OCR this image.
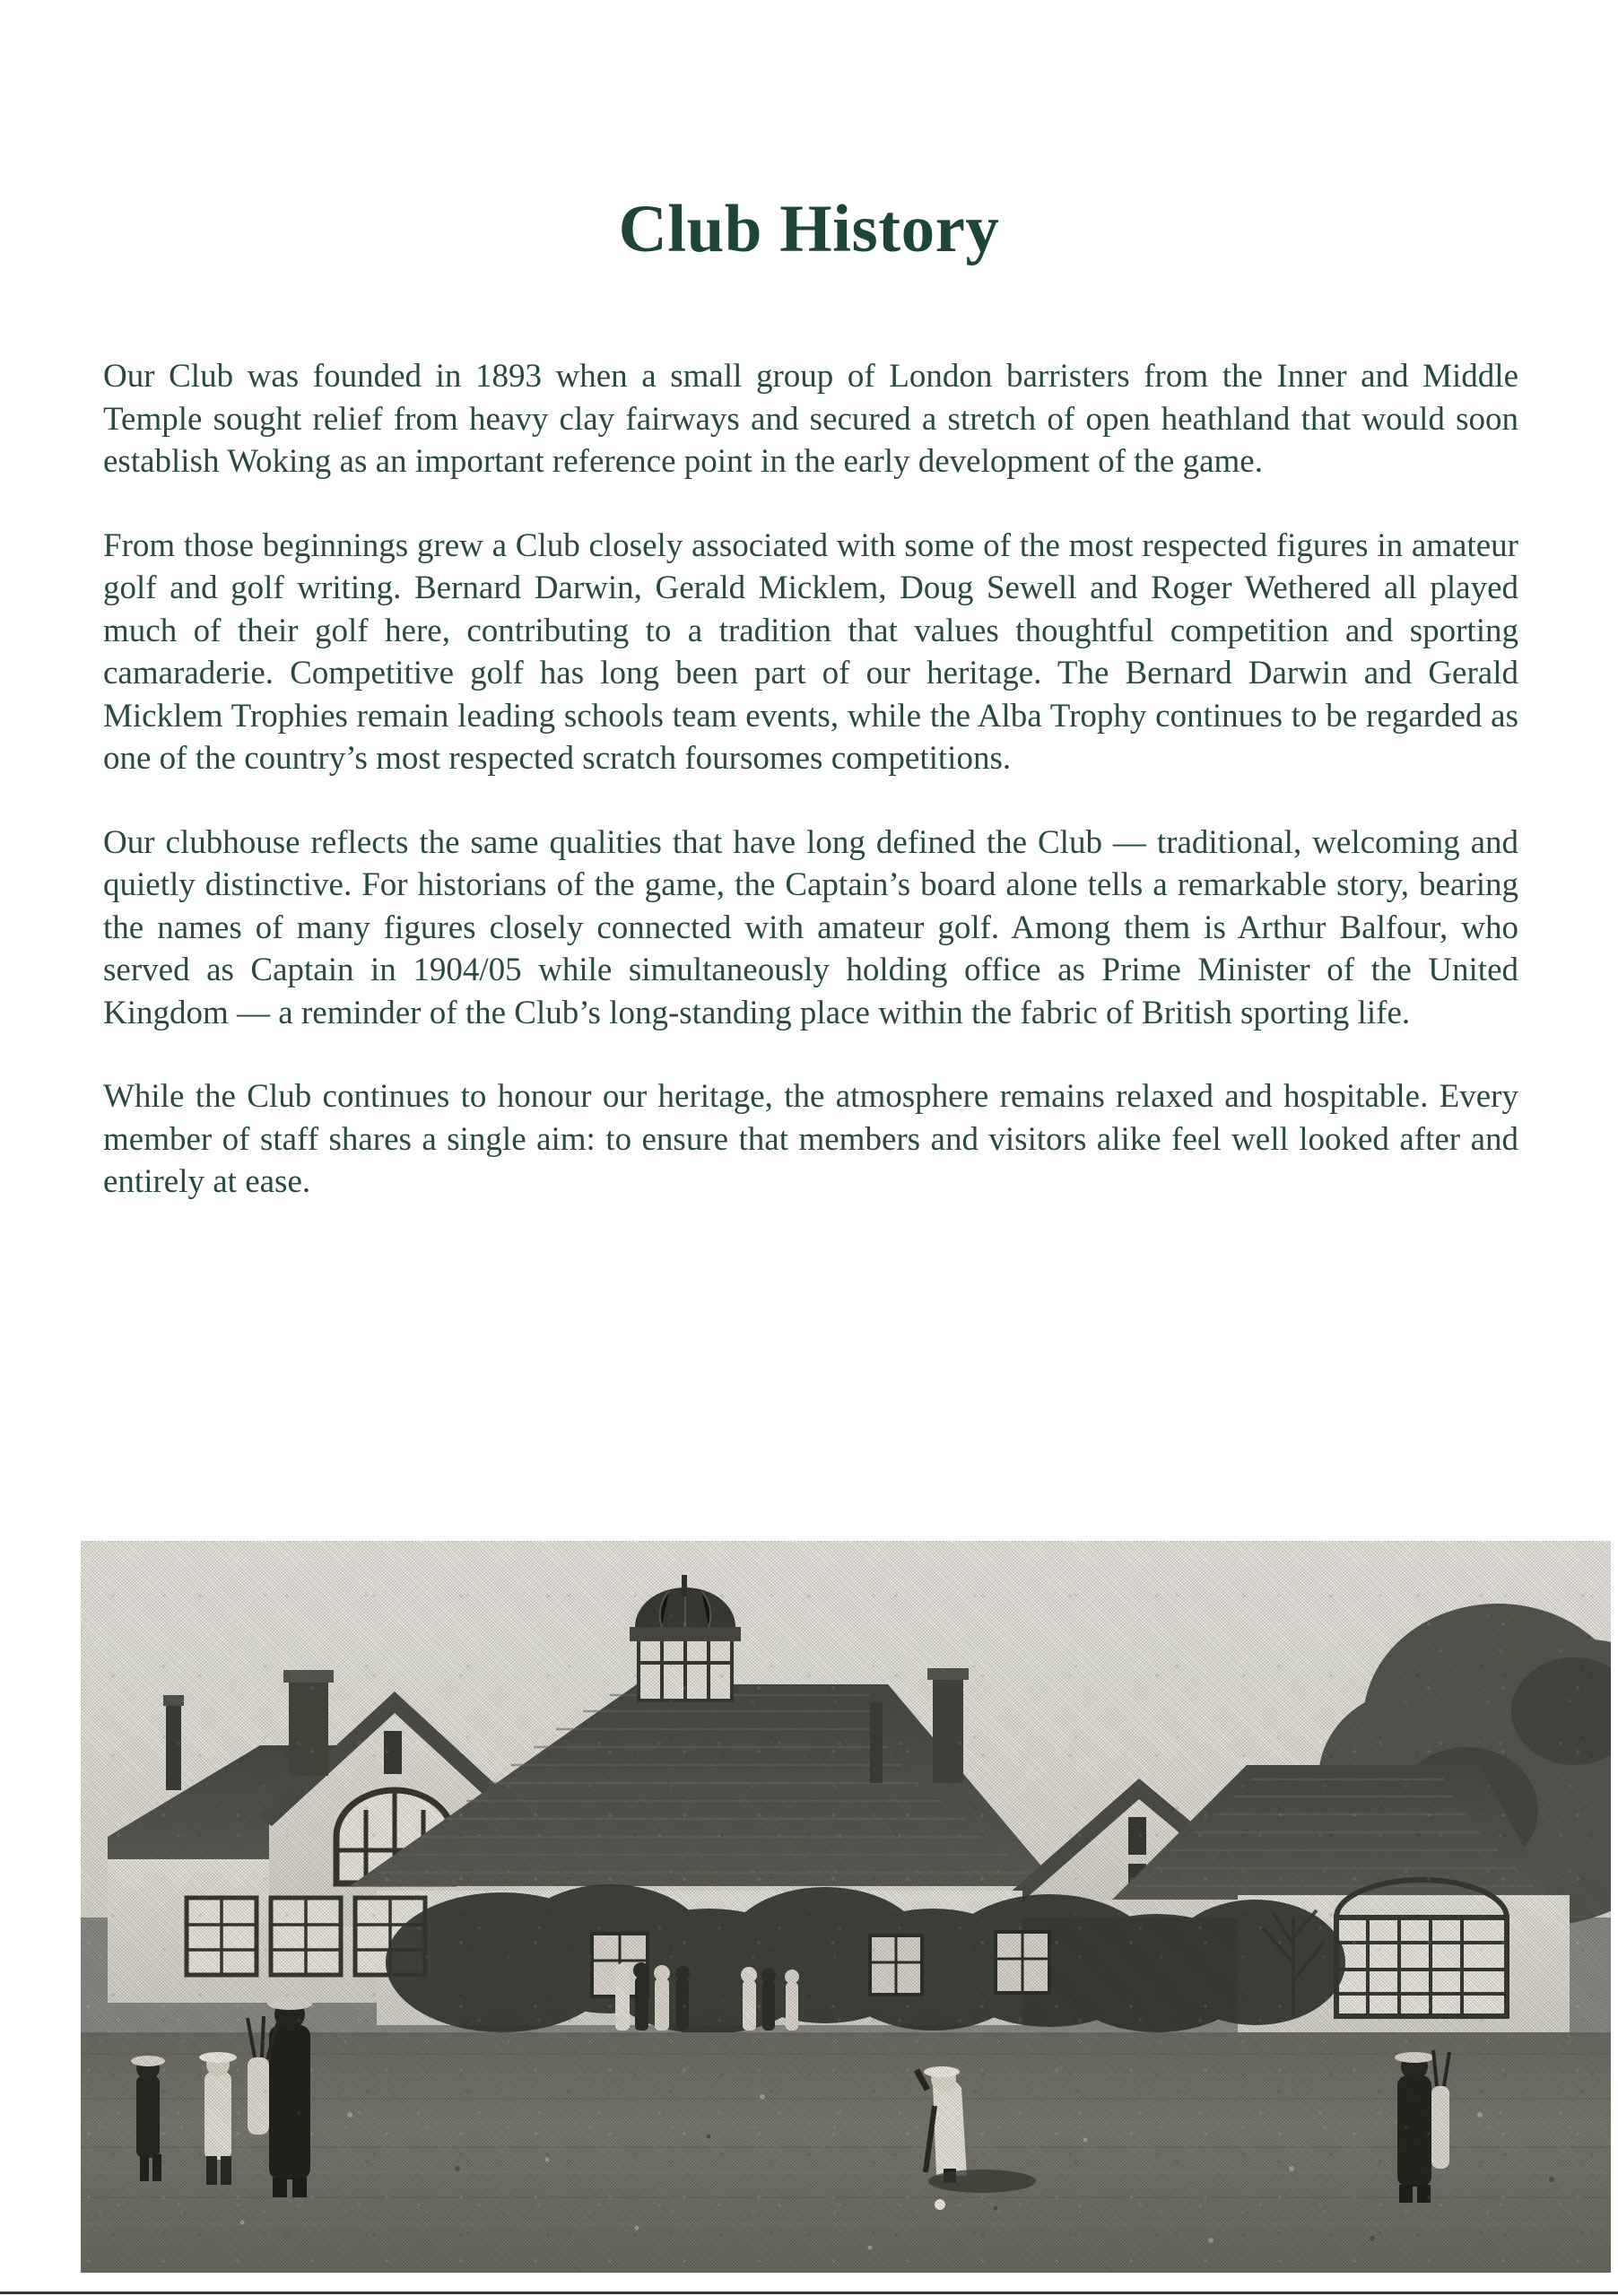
Club History

Our Club was founded in 1893 when a small group of London barristers from the Inner and Middle Temple sought relief from heavy clay fairways and secured a stretch of open heathland that would soon establish Woking as an important reference point in the early development of the game.

From those beginnings grew a Club closely associated with some of the most respected figures in amateur golf and golf writing. Bernard Darwin, Gerald Micklem, Doug Sewell and Roger Wethered all played much of their golf here, contributing to a tradition that values thoughtful competition and sporting camaraderie. Competitive golf has long been part of our heritage. The Bernard Darwin and Gerald Micklem Trophies remain leading schools team events, while the Alba Trophy continues to be regarded as one of the country’s most respected scratch foursomes competitions.

Our clubhouse reflects the same qualities that have long defined the Club — traditional, welcoming and quietly distinctive. For historians of the game, the Captain’s board alone tells a remarkable story, bearing the names of many figures closely connected with amateur golf. Among them is Arthur Balfour, who served as Captain in 1904/05 while simultaneously holding office as Prime Minister of the United Kingdom — a reminder of the Club’s long-standing place within the fabric of British sporting life.

While the Club continues to honour our heritage, the atmosphere remains relaxed and hospitable. Every member of staff shares a single aim: to ensure that members and visitors alike feel well looked after and entirely at ease.
